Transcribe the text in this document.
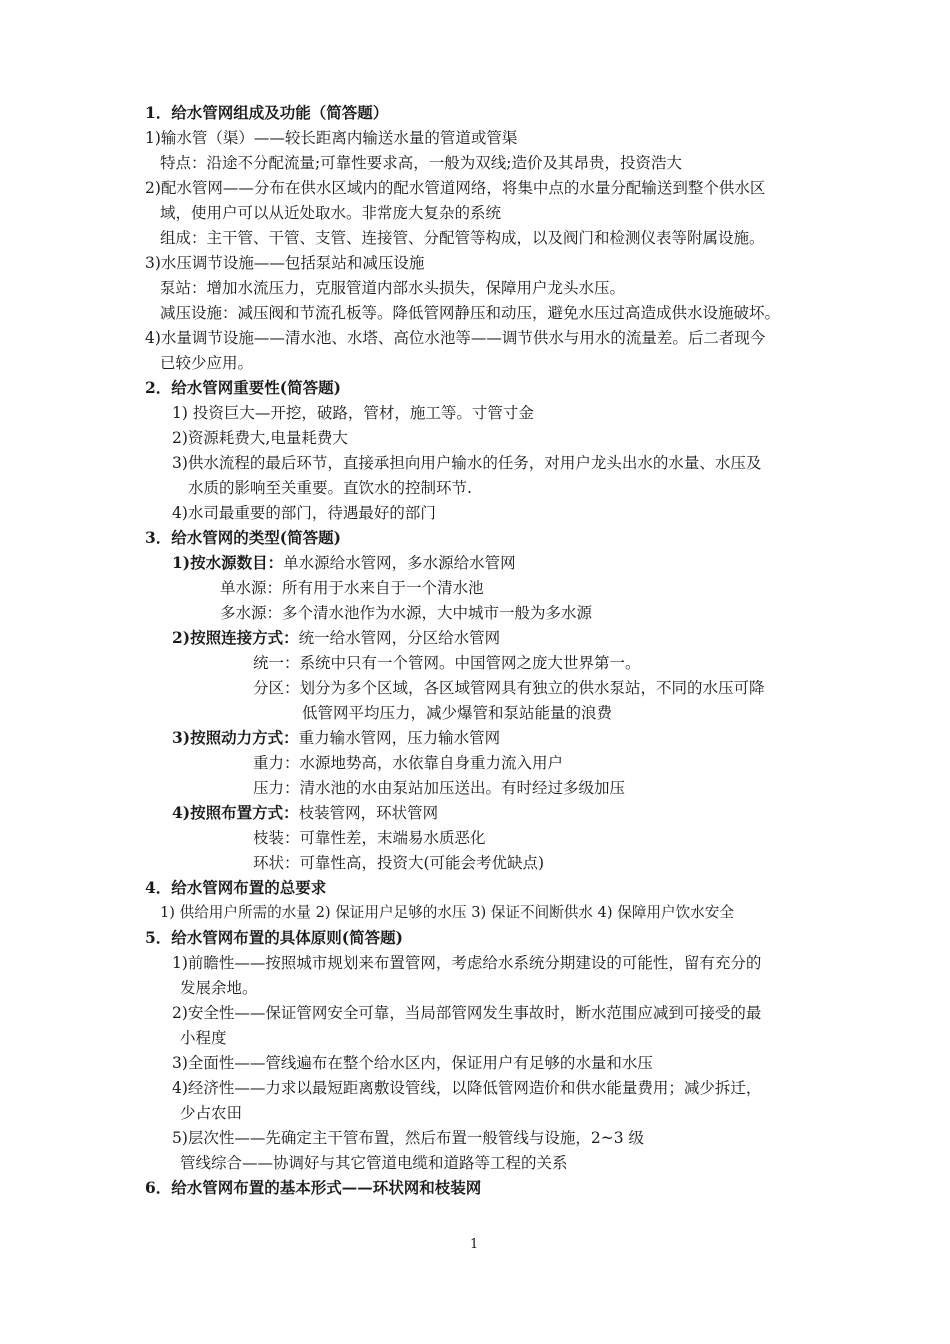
1．给水管网组成及功能（简答题）
1)输水管（渠）——较长距离内输送水量的管道或管渠
特点：沿途不分配流量;可靠性要求高，一般为双线;造价及其昂贵，投资浩大
2)配水管网——分布在供水区域内的配水管道网络，将集中点的水量分配输送到整个供水区
域，使用户可以从近处取水。非常庞大复杂的系统
组成：主干管、干管、支管、连接管、分配管等构成，以及阀门和检测仪表等附属设施。
3)水压调节设施——包括泵站和减压设施
泵站：增加水流压力，克服管道内部水头损失，保障用户龙头水压。
减压设施：减压阀和节流孔板等。降低管网静压和动压，避免水压过高造成供水设施破坏。
4)水量调节设施——清水池、水塔、高位水池等——调节供水与用水的流量差。后二者现今
已较少应用。
2．给水管网重要性(简答题)
1) 投资巨大—开挖，破路，管材，施工等。寸管寸金
2)资源耗费大,电量耗费大
3)供水流程的最后环节，直接承担向用户输水的任务，对用户龙头出水的水量、水压及
水质的影响至关重要。直饮水的控制环节.
4)水司最重要的部门，待遇最好的部门
3．给水管网的类型(简答题)
1)按水源数目：单水源给水管网，多水源给水管网
单水源：所有用于水来自于一个清水池
多水源：多个清水池作为水源，大中城市一般为多水源
2)按照连接方式：统一给水管网，分区给水管网
统一：系统中只有一个管网。中国管网之庞大世界第一。
分区：划分为多个区域，各区域管网具有独立的供水泵站，不同的水压可降
低管网平均压力，减少爆管和泵站能量的浪费
3)按照动力方式：重力输水管网，压力输水管网
重力：水源地势高，水依靠自身重力流入用户
压力：清水池的水由泵站加压送出。有时经过多级加压
4)按照布置方式：枝装管网，环状管网
枝装：可靠性差，末端易水质恶化
环状：可靠性高，投资大(可能会考优缺点)
4．给水管网布置的总要求
1) 供给用户所需的水量 2) 保证用户足够的水压 3) 保证不间断供水 4) 保障用户饮水安全
5．给水管网布置的具体原则(简答题)
1)前瞻性——按照城市规划来布置管网，考虑给水系统分期建设的可能性，留有充分的
发展余地。
2)安全性——保证管网安全可靠，当局部管网发生事故时，断水范围应减到可接受的最
小程度
3)全面性——管线遍布在整个给水区内，保证用户有足够的水量和水压
4)经济性——力求以最短距离敷设管线，以降低管网造价和供水能量费用；减少拆迁，
少占农田
5)层次性——先确定主干管布置，然后布置一般管线与设施，2~3 级
管线综合——协调好与其它管道电缆和道路等工程的关系
6．给水管网布置的基本形式——环状网和枝装网
1
